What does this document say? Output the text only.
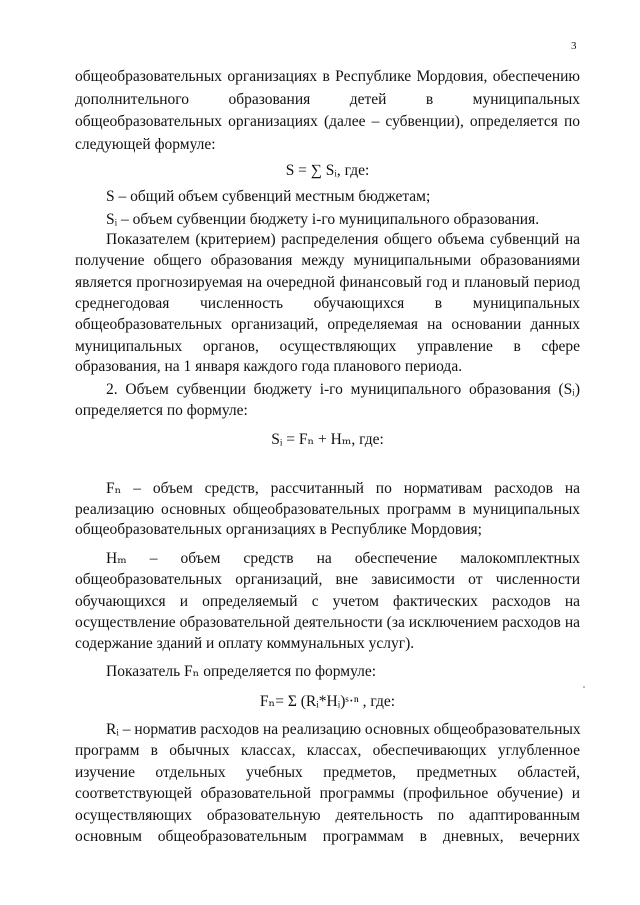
3
общеобразовательных организациях в Республике Мордовия, обеспечению
дополнительного образования детей в муниципальных
общеобразовательных организациях (далее – субвенции), определяется по
следующей формуле:
S = ∑ Sᵢ, где:
S – общий объем субвенций местным бюджетам;
Sᵢ – объем субвенции бюджету i-го муниципального образования.
Показателем (критерием) распределения общего объема субвенций на
получение общего образования между муниципальными образованиями
является прогнозируемая на очередной финансовый год и плановый период
среднегодовая численность обучающихся в муниципальных
общеобразовательных организаций, определяемая на основании данных
муниципальных органов, осуществляющих управление в сфере
образования, на 1 января каждого года планового периода.
2. Объем субвенции бюджету i-го муниципального образования (Sᵢ)
определяется по формуле:
Sᵢ = Fₙ + Hₘ, где:
Fₙ – объем средств, рассчитанный по нормативам расходов на
реализацию основных общеобразовательных программ в муниципальных
общеобразовательных организациях в Республике Мордовия;
Hₘ – объем средств на обеспечение малокомплектных
общеобразовательных организаций, вне зависимости от численности
обучающихся и определяемый с учетом фактических расходов на
осуществление образовательной деятельности (за исключением расходов на
содержание зданий и оплату коммунальных услуг).
Показатель Fₙ определяется по формуле:
Fₙ= Σ (Rᵢ*Hᵢ)ˢ·ⁿ , где:
Rᵢ – норматив расходов на реализацию основных общеобразовательных
программ в обычных классах, классах, обеспечивающих углубленное
изучение отдельных учебных предметов, предметных областей,
соответствующей образовательной программы (профильное обучение) и
осуществляющих образовательную деятельность по адаптированным
основным общеобразовательным программам в дневных, вечерних
